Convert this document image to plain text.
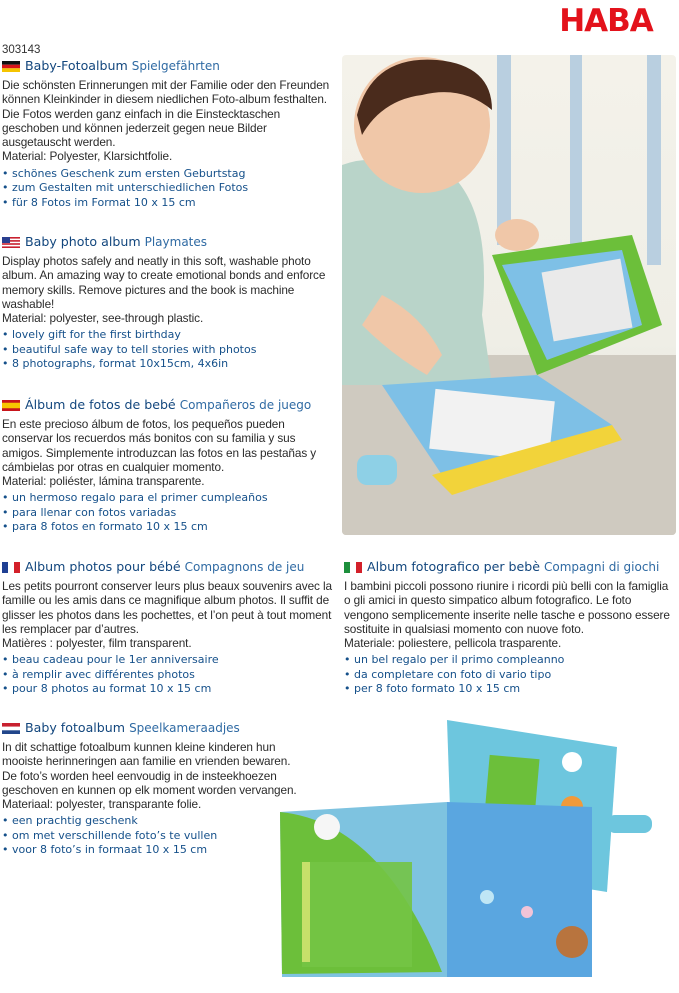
HABA
303143
Baby-Fotoalbum Spielgefährten
Die schönsten Erinnerungen mit der Familie oder den Freunden können Kleinkinder in diesem niedlichen Foto-album festhalten. Die Fotos werden ganz einfach in die Einstecktaschen geschoben und können jederzeit gegen neue Bilder ausgetauscht werden.
Material: Polyester, Klarsichtfolie.
• schönes Geschenk zum ersten Geburtstag
• zum Gestalten mit unterschiedlichen Fotos
• für 8 Fotos im Format 10 x 15 cm
Baby photo album Playmates
Display photos safely and neatly in this soft, washable photo album. An amazing way to create emotional bonds and enforce memory skills. Remove pictures and the book is machine washable!
Material: polyester, see-through plastic.
• lovely gift for the first birthday
• beautiful safe way to tell stories with photos
• 8 photographs, format 10x15cm, 4x6in
Álbum de fotos de bebé Compañeros de juego
En este precioso álbum de fotos, los pequeños pueden conservar los recuerdos más bonitos con su familia y sus amigos. Simplemente introduzcan las fotos en las pestañas y cámbielas por otras en cualquier momento.
Material: poliéster, lámina transparente.
• un hermoso regalo para el primer cumpleaños
• para llenar con fotos variadas
• para 8 fotos en formato 10 x 15 cm
Album photos pour bébé Compagnons de jeu
Les petits pourront conserver leurs plus beaux souvenirs avec la famille ou les amis dans ce magnifique album photos. Il suffit de glisser les photos dans les pochettes, et l’on peut à tout moment les remplacer par d’autres.
Matières : polyester, film transparent.
• beau cadeau pour le 1er anniversaire
• à remplir avec différentes photos
• pour 8 photos au format 10 x 15 cm
Album fotografico per bebè Compagni di giochi
I bambini piccoli possono riunire i ricordi più belli con la famiglia o gli amici in questo simpatico album fotografico. Le foto vengono semplicemente inserite nelle tasche e possono essere sostituite in qualsiasi momento con nuove foto.
Materiale: poliestere, pellicola trasparente.
• un bel regalo per il primo compleanno
• da completare con foto di vario tipo
• per 8 foto formato 10 x 15 cm
Baby fotoalbum Speelkameraadjes
In dit schattige fotoalbum kunnen kleine kinderen hun mooiste herinneringen aan familie en vrienden bewaren. De foto’s worden heel eenvoudig in de insteekhoezen geschoven en kunnen op elk moment worden vervangen. Materiaal: polyester, transparante folie.
• een prachtig geschenk
• om met verschillende foto’s te vullen
• voor 8 foto’s in formaat 10 x 15 cm
